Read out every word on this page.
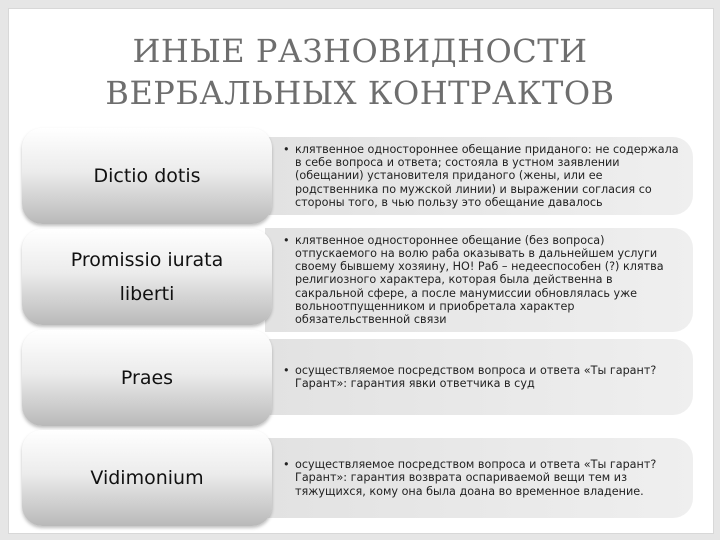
ИНЫЕ РАЗНОВИДНОСТИ
ВЕРБАЛЬНЫХ КОНТРАКТОВ
• клятвенное одностороннее обещание приданого: не содержала в себе вопроса и ответа; состояла в устном заявлении (обещании) установителя приданого (жены, или ее родственника по мужской линии) и выражении согласия со стороны того, в чью пользу это обещание давалось
Dictio dotis
• клятвенное одностороннее обещание (без вопроса) отпускаемого на волю раба оказывать в дальнейшем услуги своему бывшему хозяину, НО! Раб – недееспособен (?) клятва религиозного характера, которая была действенна в сакральной сфере, а после манумиссии обновлялась уже вольноотпущенником и приобретала характер обязательственной связи
Promissio iurata liberti
• осуществляемое посредством вопроса и ответа «Ты гарант? Гарант»: гарантия явки ответчика в суд
Praes
• осуществляемое посредством вопроса и ответа «Ты гарант? Гарант»: гарантия возврата оспариваемой вещи тем из тяжущихся, кому она была доана во временное владение.
Vidimonium
